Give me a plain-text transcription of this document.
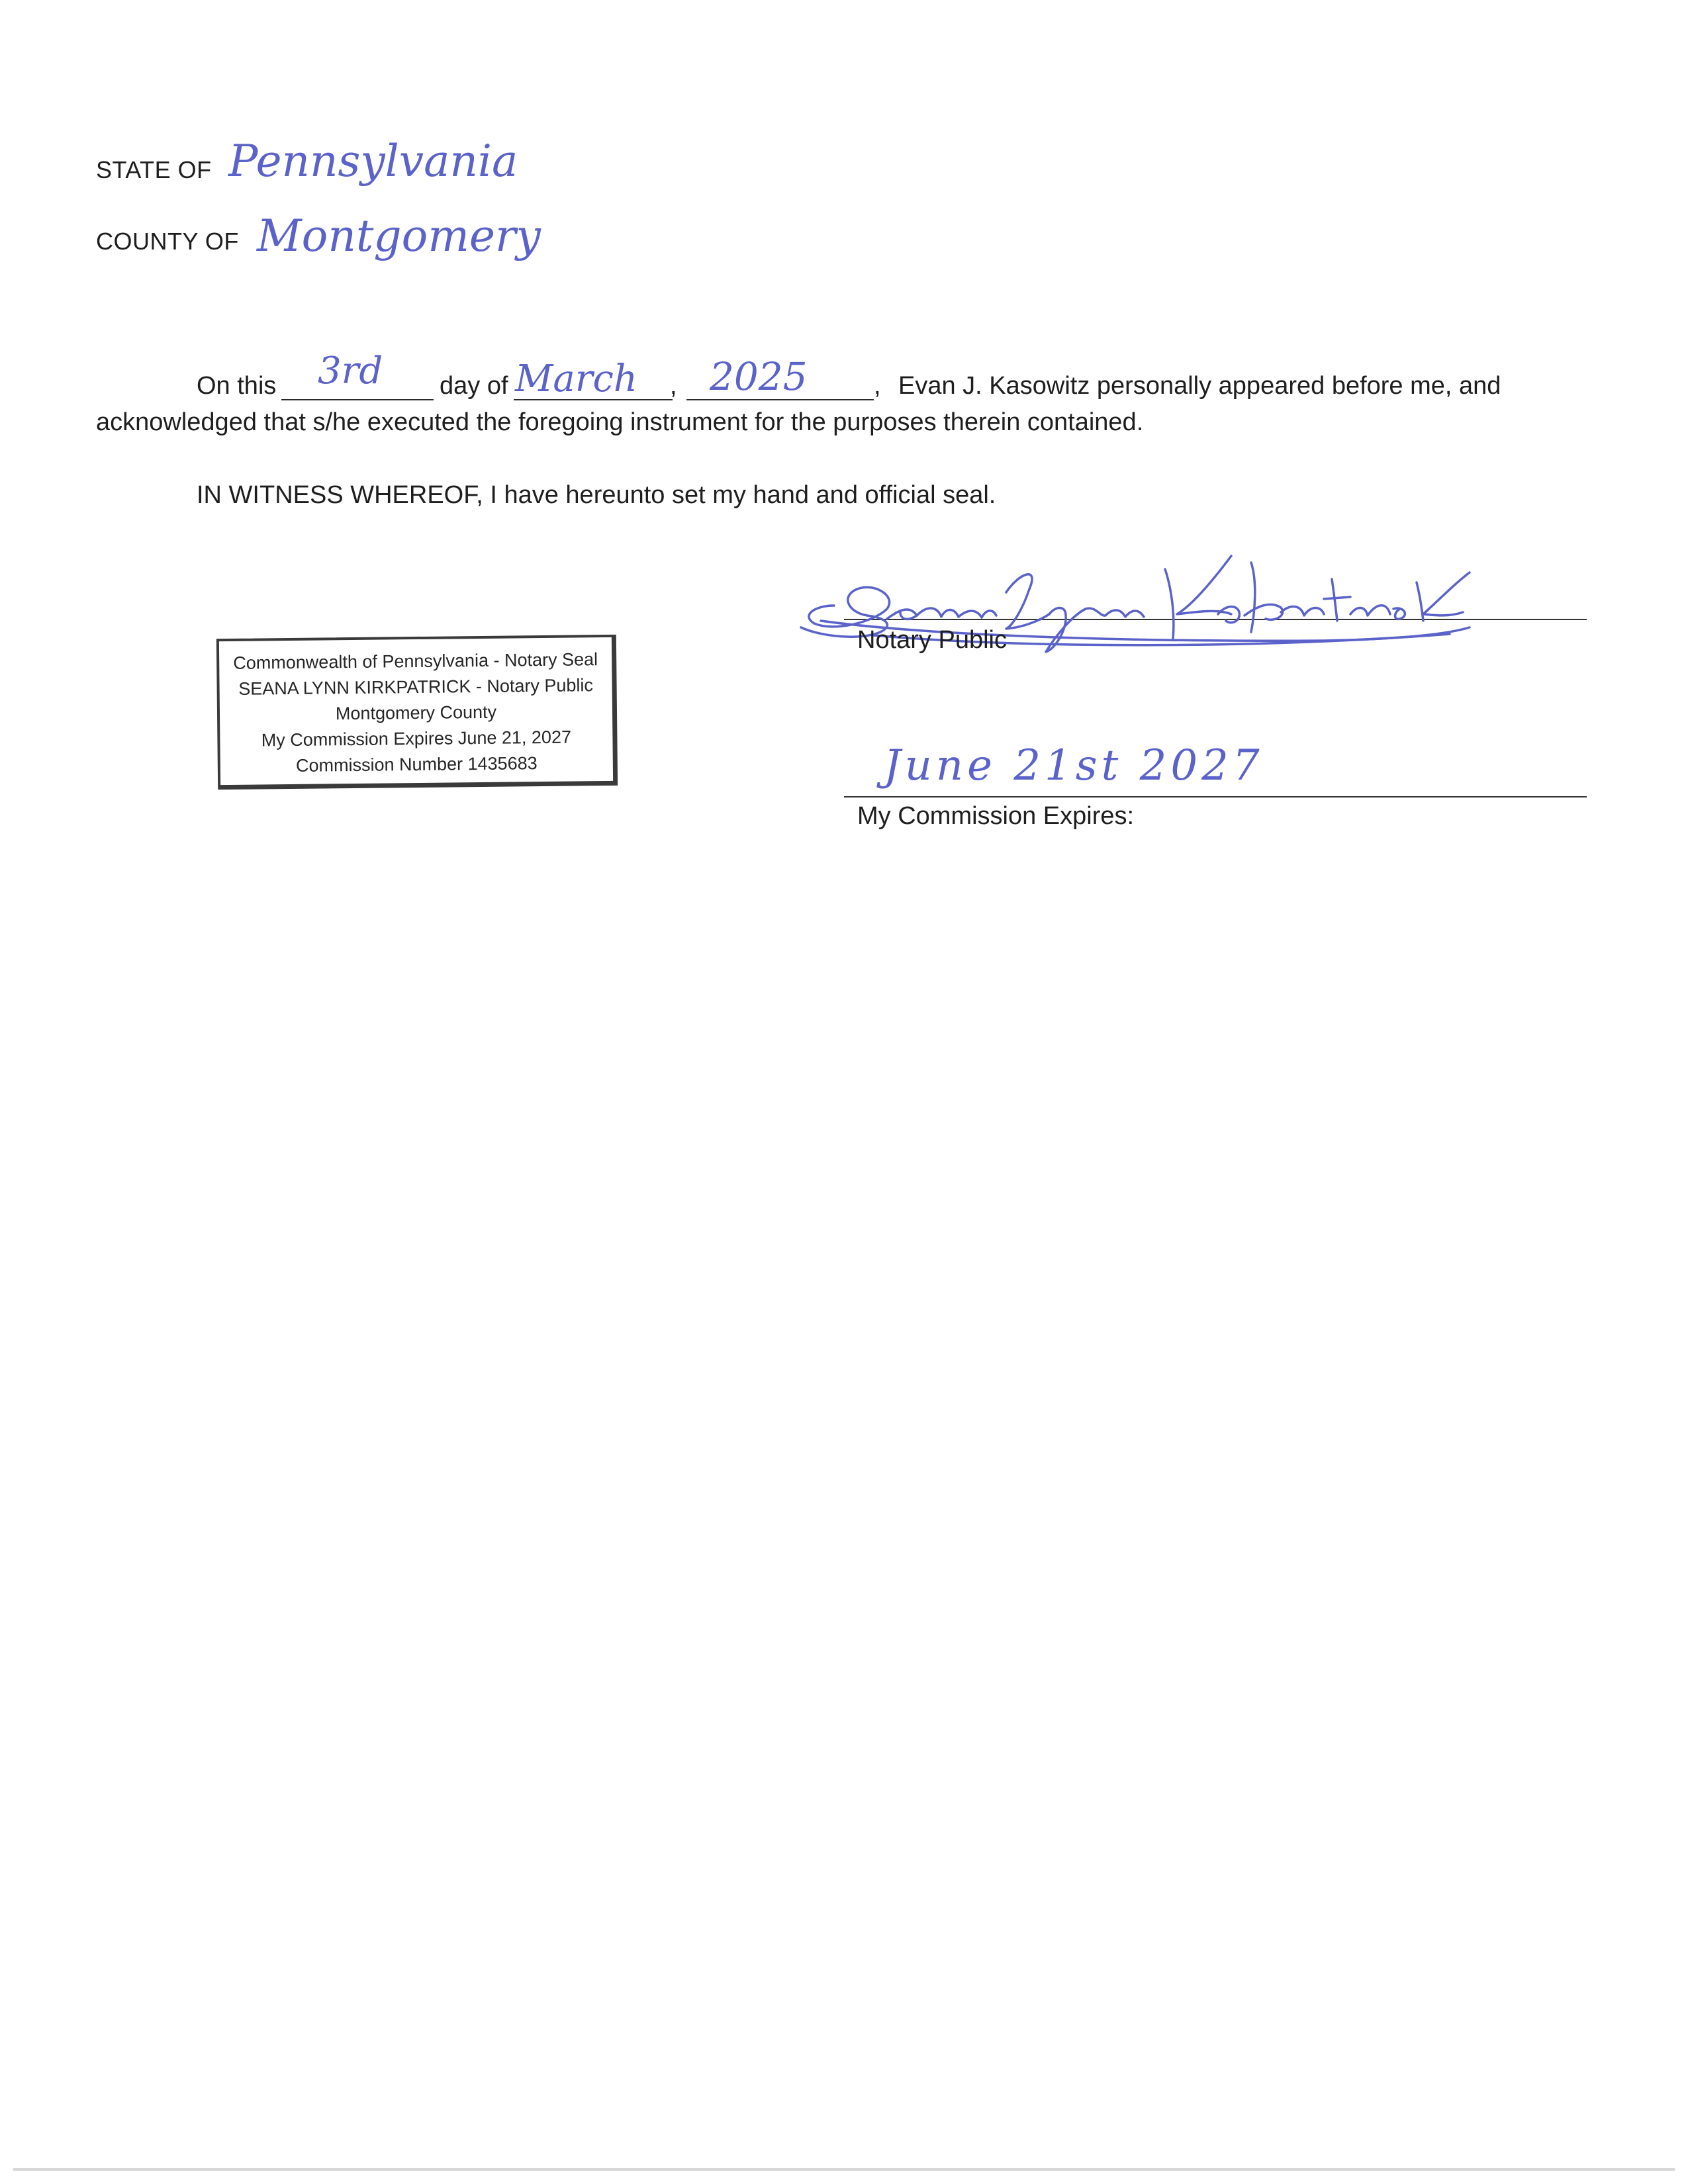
STATE OF Pennsylvania
COUNTY OF Montgomery
On this 3rd day of March , 2025	, Evan J. Kasowitz personally appeared before me, and
acknowledged that s/he executed the foregoing instrument for the purposes therein contained.
IN WITNESS WHEREOF, I have hereunto set my hand and official seal.
Notary Public
Commonwealth of Pennsylvania - Notary Seal
SEANA LYNN KIRKPATRICK - Notary Public
Montgomery County
My Commission Expires June 21, 2027
Commission Number 1435683	June 21st 2027
My Commission Expires:
